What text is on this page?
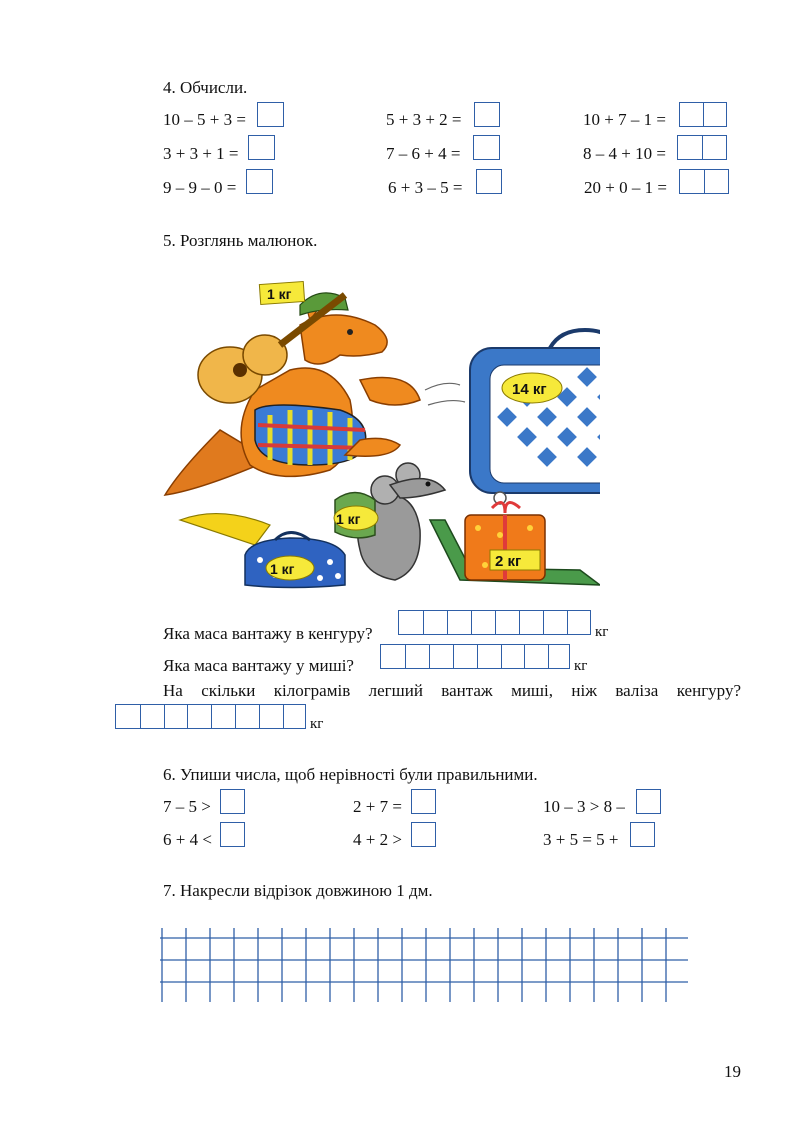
4. Обчисли.
10 – 5 + 3 =	5 + 3 + 2 =	10 + 7 – 1 =
3 + 3 + 1 =	7 – 6 + 4 =	8 – 4 + 10 =
9 – 9 – 0 =	6 + 3 – 5 =	20 + 0 – 1 =
5. Розглянь малюнок.
1 кг
14 кг
1 кг
1 кг
2 кг
Яка маса вантажу в кенгуру?	кг
Яка маса вантажу у миші?	кг
На скільки кілограмів легший вантаж миші, ніж валіза кенгуру?
кг
6. Упиши числа, щоб нерівності були правильними.
7 – 5 >	2 + 7 =	10 – 3 > 8 –
6 + 4 <	4 + 2 >	3 + 5 = 5 +
7. Накресли відрізок довжиною 1 дм.
19
